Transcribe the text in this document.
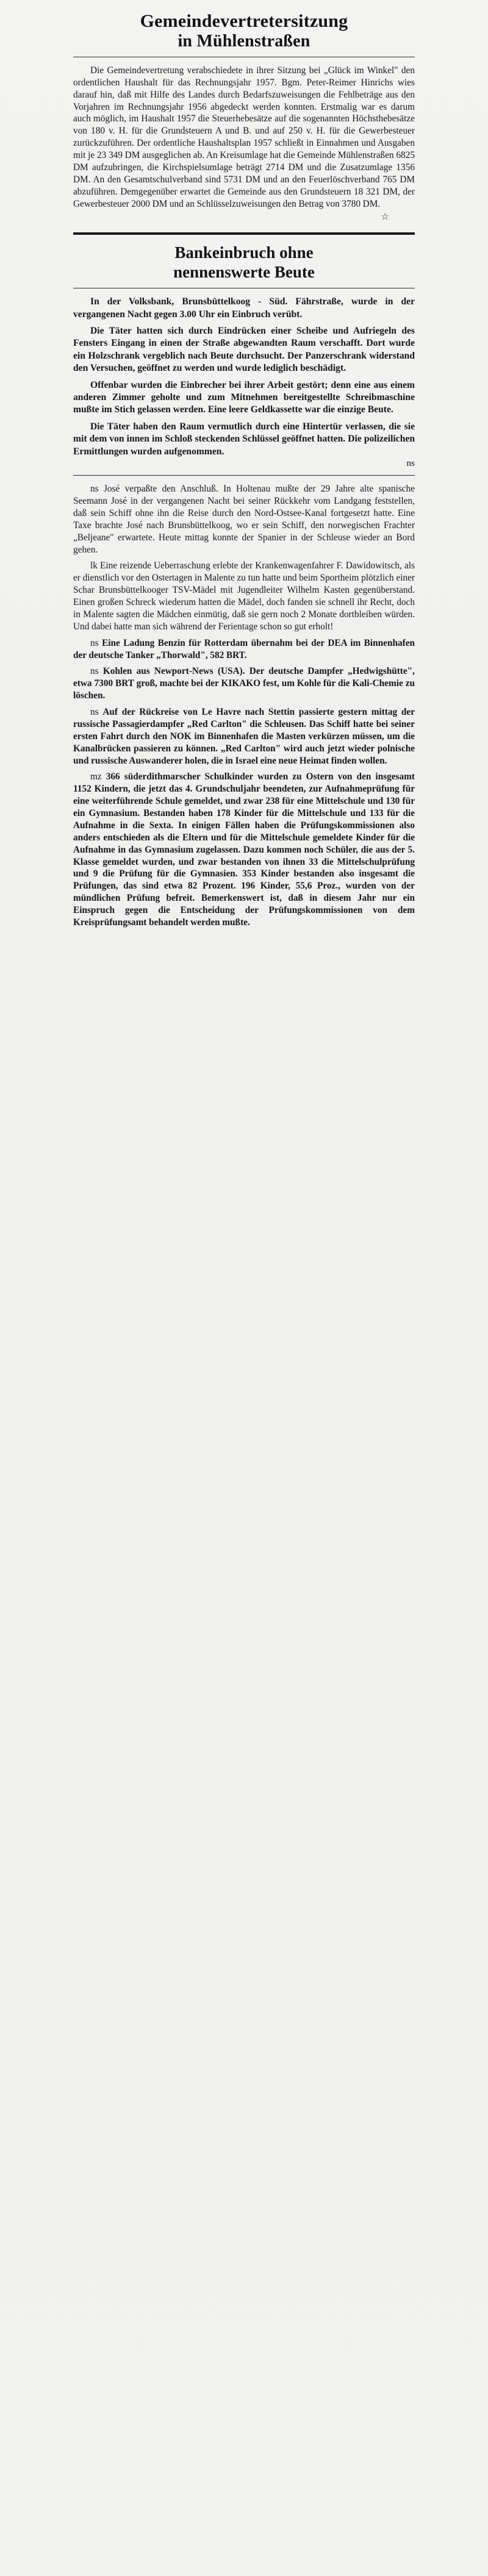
Gemeindevertretersitzung
in Mühlenstraßen

Die Gemeindevertretung verabschiedete in ihrer Sitzung bei „Glück im Winkel" den ordentlichen Haushalt für das Rechnungsjahr 1957. Bgm. Peter-Reimer Hinrichs wies darauf hin, daß mit Hilfe des Landes durch Bedarfszuweisungen die Fehlbeträge aus den Vorjahren im Rechnungsjahr 1956 abgedeckt werden konnten. Erstmalig war es darum auch möglich, im Haushalt 1957 die Steuerhebesätze auf die sogenannten Höchsthebesätze von 180 v. H. für die Grundsteuern A und B. und auf 250 v. H. für die Gewerbesteuer zurückzuführen. Der ordentliche Haushaltsplan 1957 schließt in Einnahmen und Ausgaben mit je 23 349 DM ausgeglichen ab. An Kreisumlage hat die Gemeinde Mühlenstraßen 6825 DM aufzubringen, die Kirchspielsumlage beträgt 2714 DM und die Zusatzumlage 1356 DM. An den Gesamtschulverband sind 5731 DM und an den Feuerlöschverband 765 DM abzuführen. Demgegenüber erwartet die Gemeinde aus den Grundsteuern 18 321 DM, der Gewerbesteuer 2000 DM und an Schlüsselzuweisungen den Betrag von 3780 DM.

☆
Bankeinbruch ohne
nennenswerte Beute

In der Volksbank, Brunsbüttelkoog - Süd. Fährstraße, wurde in der vergangenen Nacht gegen 3.00 Uhr ein Einbruch verübt.

Die Täter hatten sich durch Eindrücken einer Scheibe und Aufriegeln des Fensters Eingang in einen der Straße abgewandten Raum verschafft. Dort wurde ein Holzschrank vergeblich nach Beute durchsucht. Der Panzerschrank widerstand den Versuchen, geöffnet zu werden und wurde lediglich beschädigt.

Offenbar wurden die Einbrecher bei ihrer Arbeit gestört; denn eine aus einem anderen Zimmer geholte und zum Mitnehmen bereitgestellte Schreibmaschine mußte im Stich gelassen werden. Eine leere Geldkassette war die einzige Beute.

Die Täter haben den Raum vermutlich durch eine Hintertür verlassen, die sie mit dem von innen im Schloß steckenden Schlüssel geöffnet hatten. Die polizeilichen Ermittlungen wurden aufgenommen.

ns

ns José verpaßte den Anschluß. In Holtenau mußte der 29 Jahre alte spanische Seemann José in der vergangenen Nacht bei seiner Rückkehr vom Landgang feststellen, daß sein Schiff ohne ihn die Reise durch den Nord-Ostsee-Kanal fortgesetzt hatte. Eine Taxe brachte José nach Brunsbüttelkoog, wo er sein Schiff, den norwegischen Frachter „Beljeane" erwartete. Heute mittag konnte der Spanier in der Schleuse wieder an Bord gehen.

lk Eine reizende Ueberraschung erlebte der Krankenwagenfahrer F. Dawidowitsch, als er dienstlich vor den Ostertagen in Malente zu tun hatte und beim Sportheim plötzlich einer Schar Brunsbüttelkooger TSV-Mädel mit Jugendleiter Wilhelm Kasten gegenüberstand. Einen großen Schreck wiederum hatten die Mädel, doch fanden sie schnell ihr Recht, doch in Malente sagten die Mädchen einmütig, daß sie gern noch 2 Monate dortbleiben würden. Und dabei hatte man sich während der Ferientage schon so gut erholt!

ns Eine Ladung Benzin für Rotterdam übernahm bei der DEA im Binnenhafen der deutsche Tanker „Thorwald", 582 BRT.

ns Kohlen aus Newport-News (USA). Der deutsche Dampfer „Hedwigshütte", etwa 7300 BRT groß, machte bei der KIKAKO fest, um Kohle für die Kali-Chemie zu löschen.

ns Auf der Rückreise von Le Havre nach Stettin passierte gestern mittag der russische Passagierdampfer „Red Carlton" die Schleusen. Das Schiff hatte bei seiner ersten Fahrt durch den NOK im Binnenhafen die Masten verkürzen müssen, um die Kanalbrücken passieren zu können. „Red Carlton" wird auch jetzt wieder polnische und russische Auswanderer holen, die in Israel eine neue Heimat finden wollen.

mz 366 süderdithmarscher Schulkinder wurden zu Ostern von den insgesamt 1152 Kindern, die jetzt das 4. Grundschuljahr beendeten, zur Aufnahmeprüfung für eine weiterführende Schule gemeldet, und zwar 238 für eine Mittelschule und 130 für ein Gymnasium. Bestanden haben 178 Kinder für die Mittelschule und 133 für die Aufnahme in die Sexta. In einigen Fällen haben die Prüfungskommissionen also anders entschieden als die Eltern und für die Mittelschule gemeldete Kinder für die Aufnahme in das Gymnasium zugelassen. Dazu kommen noch Schüler, die aus der 5. Klasse gemeldet wurden, und zwar bestanden von ihnen 33 die Mittelschulprüfung und 9 die Prüfung für die Gymnasien. 353 Kinder bestanden also insgesamt die Prüfungen, das sind etwa 82 Prozent. 196 Kinder, 55,6 Proz., wurden von der mündlichen Prüfung befreit. Bemerkenswert ist, daß in diesem Jahr nur ein Einspruch gegen die Entscheidung der Prüfungskommissionen von dem Kreisprüfungsamt behandelt werden mußte.
